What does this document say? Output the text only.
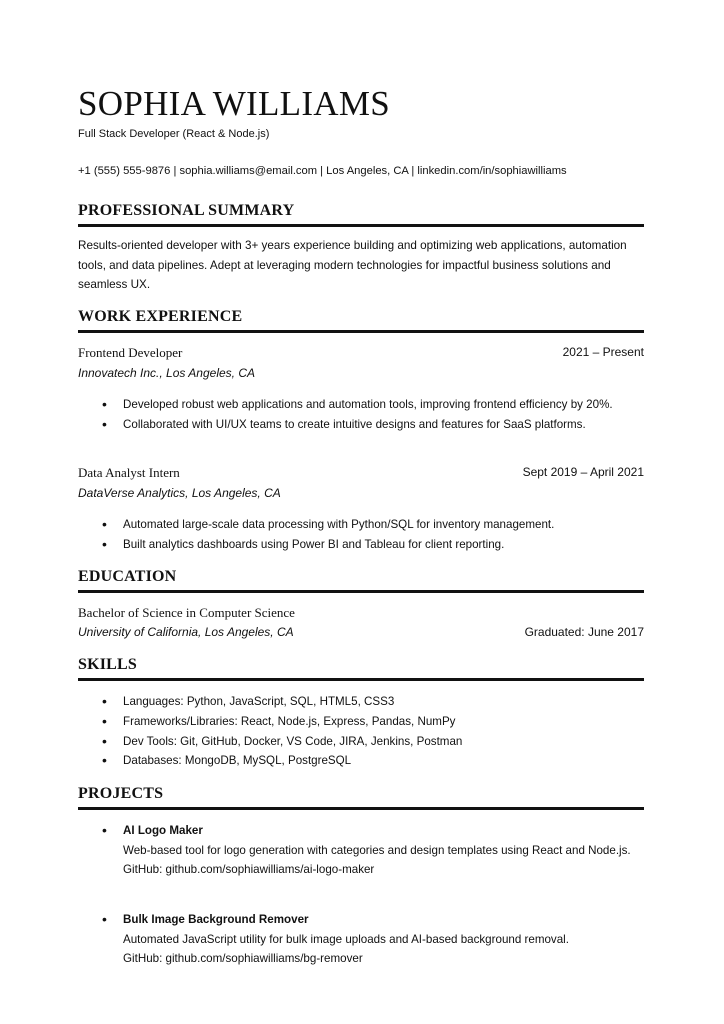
SOPHIA WILLIAMS
Full Stack Developer (React & Node.js)
+1 (555) 555-9876 | sophia.williams@email.com | Los Angeles, CA | linkedin.com/in/sophiawilliams
PROFESSIONAL SUMMARY
Results-oriented developer with 3+ years experience building and optimizing web applications, automation tools, and data pipelines. Adept at leveraging modern technologies for impactful business solutions and seamless UX.
WORK EXPERIENCE
Frontend Developer	2021 – Present
Innovatech Inc., Los Angeles, CA
• Developed robust web applications and automation tools, improving frontend efficiency by 20%.
• Collaborated with UI/UX teams to create intuitive designs and features for SaaS platforms.
Data Analyst Intern	Sept 2019 – April 2021
DataVerse Analytics, Los Angeles, CA
• Automated large-scale data processing with Python/SQL for inventory management.
• Built analytics dashboards using Power BI and Tableau for client reporting.
EDUCATION
Bachelor of Science in Computer Science
University of California, Los Angeles, CA	Graduated: June 2017
SKILLS
• Languages: Python, JavaScript, SQL, HTML5, CSS3
• Frameworks/Libraries: React, Node.js, Express, Pandas, NumPy
• Dev Tools: Git, GitHub, Docker, VS Code, JIRA, Jenkins, Postman
• Databases: MongoDB, MySQL, PostgreSQL
PROJECTS
• AI Logo Maker
Web-based tool for logo generation with categories and design templates using React and Node.js.
GitHub: github.com/sophiawilliams/ai-logo-maker
• Bulk Image Background Remover
Automated JavaScript utility for bulk image uploads and AI-based background removal.
GitHub: github.com/sophiawilliams/bg-remover
